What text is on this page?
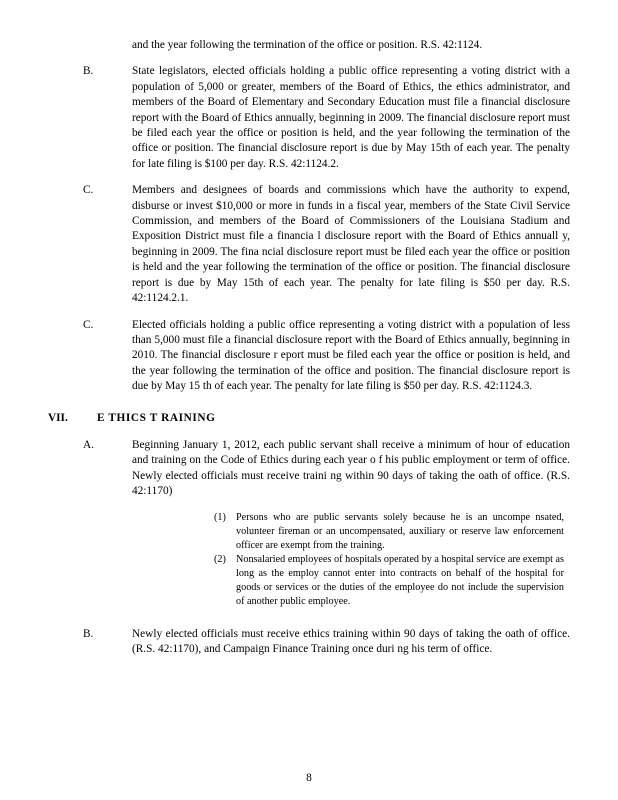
and the year following the termination of the office or position. R.S. 42:1124.
B.	State legislators, elected officials holding a public office representing a voting district with a population of 5,000 or greater, members of the Board of Ethics, the ethics administrator, and members of the Board of Elementary and Secondary Education must file a financial disclosure report with the Board of Ethics annually, beginning in 2009. The financial disclosure report must be filed each year the office or position is held, and the year following the termination of the office or position. The financial disclosure report is due by May 15th of each year. The penalty for late filing is $100 per day. R.S. 42:1124.2.
C.	Members and designees of boards and commissions which have the authority to expend, disburse or invest $10,000 or more in funds in a fiscal year, members of the State Civil Service Commission, and members of the Board of Commissioners of the Louisiana Stadium and Exposition District must file a financia l disclosure report with the Board of Ethics annuall y, beginning in 2009. The fina ncial disclosure report must be filed each year the office or position is held and the year following the termination of the office or position. The financial disclosure report is due by May 15th of each year. The penalty for late filing is $50 per day. R.S. 42:1124.2.1.
C.	Elected officials holding a public office representing a voting district with a population of less than 5,000 must file a financial disclosure report with the Board of Ethics annually, beginning in 2010. The financial disclosure r eport must be filed each year the office or position is held, and the year following the termination of the office and position. The financial disclosure report is due by May 15 th of each year. The penalty for late filing is $50 per day. R.S. 42:1124.3.
VII.	E THICS T RAINING
A.	Beginning January 1, 2012, each public servant shall receive a minimum of hour of education and training on the Code of Ethics during each year o f his public employment or term of office. Newly elected officials must receive traini ng within 90 days of taking the oath of office. (R.S. 42:1170)
(1) Persons who are public servants solely because he is an uncompe nsated, volunteer fireman or an uncompensated, auxiliary or reserve law enforcement officer are exempt from the training.
(2) Nonsalaried employees of hospitals operated by a hospital service are exempt as long as the employ cannot enter into contracts on behalf of the hospital for goods or services or the duties of the employee do not include the supervision of another public employee.
B.	Newly elected officials must receive ethics training within 90 days of taking the oath of office. (R.S. 42:1170), and Campaign Finance Training once duri ng his term of office.
8
